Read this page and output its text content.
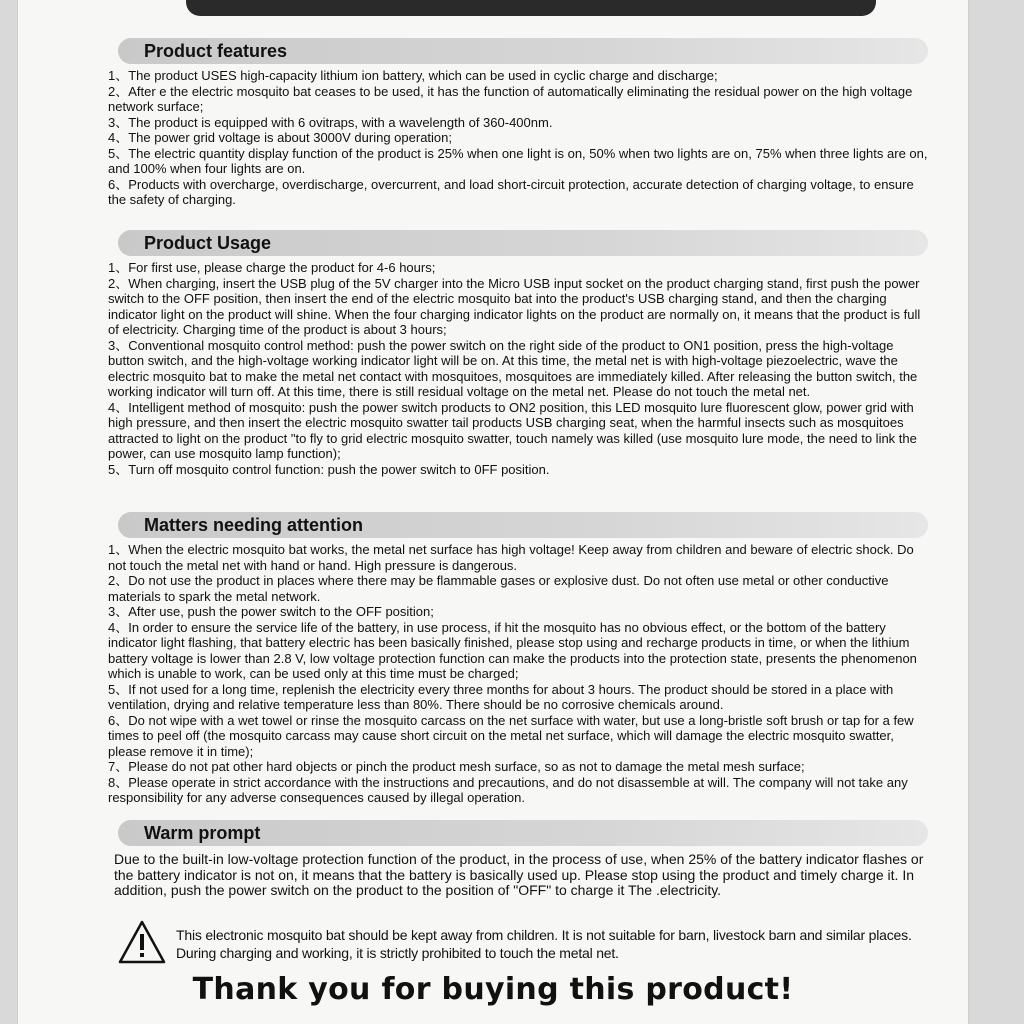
Product features

1、The product USES high-capacity lithium ion battery, which can be used in cyclic charge and discharge;

2、After e the electric mosquito bat ceases to be used, it has the function of automatically eliminating the residual power on the high voltage network surface;

3、The product is equipped with 6 ovitraps, with a wavelength of 360-400nm.

4、The power grid voltage is about 3000V during operation;

5、The electric quantity display function of the product is 25% when one light is on, 50% when two lights are on, 75% when three lights are on, and 100% when four lights are on.

6、Products with overcharge, overdischarge, overcurrent, and load short-circuit protection, accurate detection of charging voltage, to ensure the safety of charging.

Product Usage

1、For first use, please charge the product for 4-6 hours;

2、When charging, insert the USB plug of the 5V charger into the Micro USB input socket on the product charging stand, first push the power switch to the OFF position, then insert the end of the electric mosquito bat into the product's USB charging stand, and then the charging indicator light on the product will shine. When the four charging indicator lights on the product are normally on, it means that the product is full of electricity. Charging time of the product is about 3 hours;

3、Conventional mosquito control method: push the power switch on the right side of the product to ON1 position, press the high-voltage button switch, and the high-voltage working indicator light will be on. At this time, the metal net is with high-voltage piezoelectric, wave the electric mosquito bat to make the metal net contact with mosquitoes, mosquitoes are immediately killed. After releasing the button switch, the working indicator will turn off. At this time, there is still residual voltage on the metal net. Please do not touch the metal net.

4、Intelligent method of mosquito: push the power switch products to ON2 position, this LED mosquito lure fluorescent glow, power grid with high pressure, and then insert the electric mosquito swatter tail products USB charging seat, when the harmful insects such as mosquitoes attracted to light on the product "to fly to grid electric mosquito swatter, touch namely was killed (use mosquito lure mode, the need to link the power, can use mosquito lamp function);

5、Turn off mosquito control function: push the power switch to 0FF position.

Matters needing attention

1、When the electric mosquito bat works, the metal net surface has high voltage! Keep away from children and beware of electric shock. Do not touch the metal net with hand or hand. High pressure is dangerous.

2、Do not use the product in places where there may be flammable gases or explosive dust. Do not often use metal or other conductive materials to spark the metal network.

3、After use, push the power switch to the OFF position;

4、In order to ensure the service life of the battery, in use process, if hit the mosquito has no obvious effect, or the bottom of the battery indicator light flashing, that battery electric has been basically finished, please stop using and recharge products in time, or when the lithium battery voltage is lower than 2.8 V, low voltage protection function can make the products into the protection state, presents the phenomenon which is unable to work, can be used only at this time must be charged;

5、If not used for a long time, replenish the electricity every three months for about 3 hours. The product should be stored in a place with ventilation, drying and relative temperature less than 80%. There should be no corrosive chemicals around.

6、Do not wipe with a wet towel or rinse the mosquito carcass on the net surface with water, but use a long-bristle soft brush or tap for a few times to peel off (the mosquito carcass may cause short circuit on the metal net surface, which will damage the electric mosquito swatter, please remove it in time);

7、Please do not pat other hard objects or pinch the product mesh surface, so as not to damage the metal mesh surface;

8、Please operate in strict accordance with the instructions and precautions, and do not disassemble at will. The company will not take any responsibility for any adverse consequences caused by illegal operation.

Warm prompt

Due to the built-in low-voltage protection function of the product, in the process of use, when 25% of the battery indicator flashes or the battery indicator is not on, it means that the battery is basically used up. Please stop using the product and timely charge it. In addition, push the power switch on the product to the position of "OFF" to charge it The .electricity.

This electronic mosquito bat should be kept away from children. It is not suitable for barn, livestock barn and similar places. During charging and working, it is strictly prohibited to touch the metal net.
Thank you for buying this product!
